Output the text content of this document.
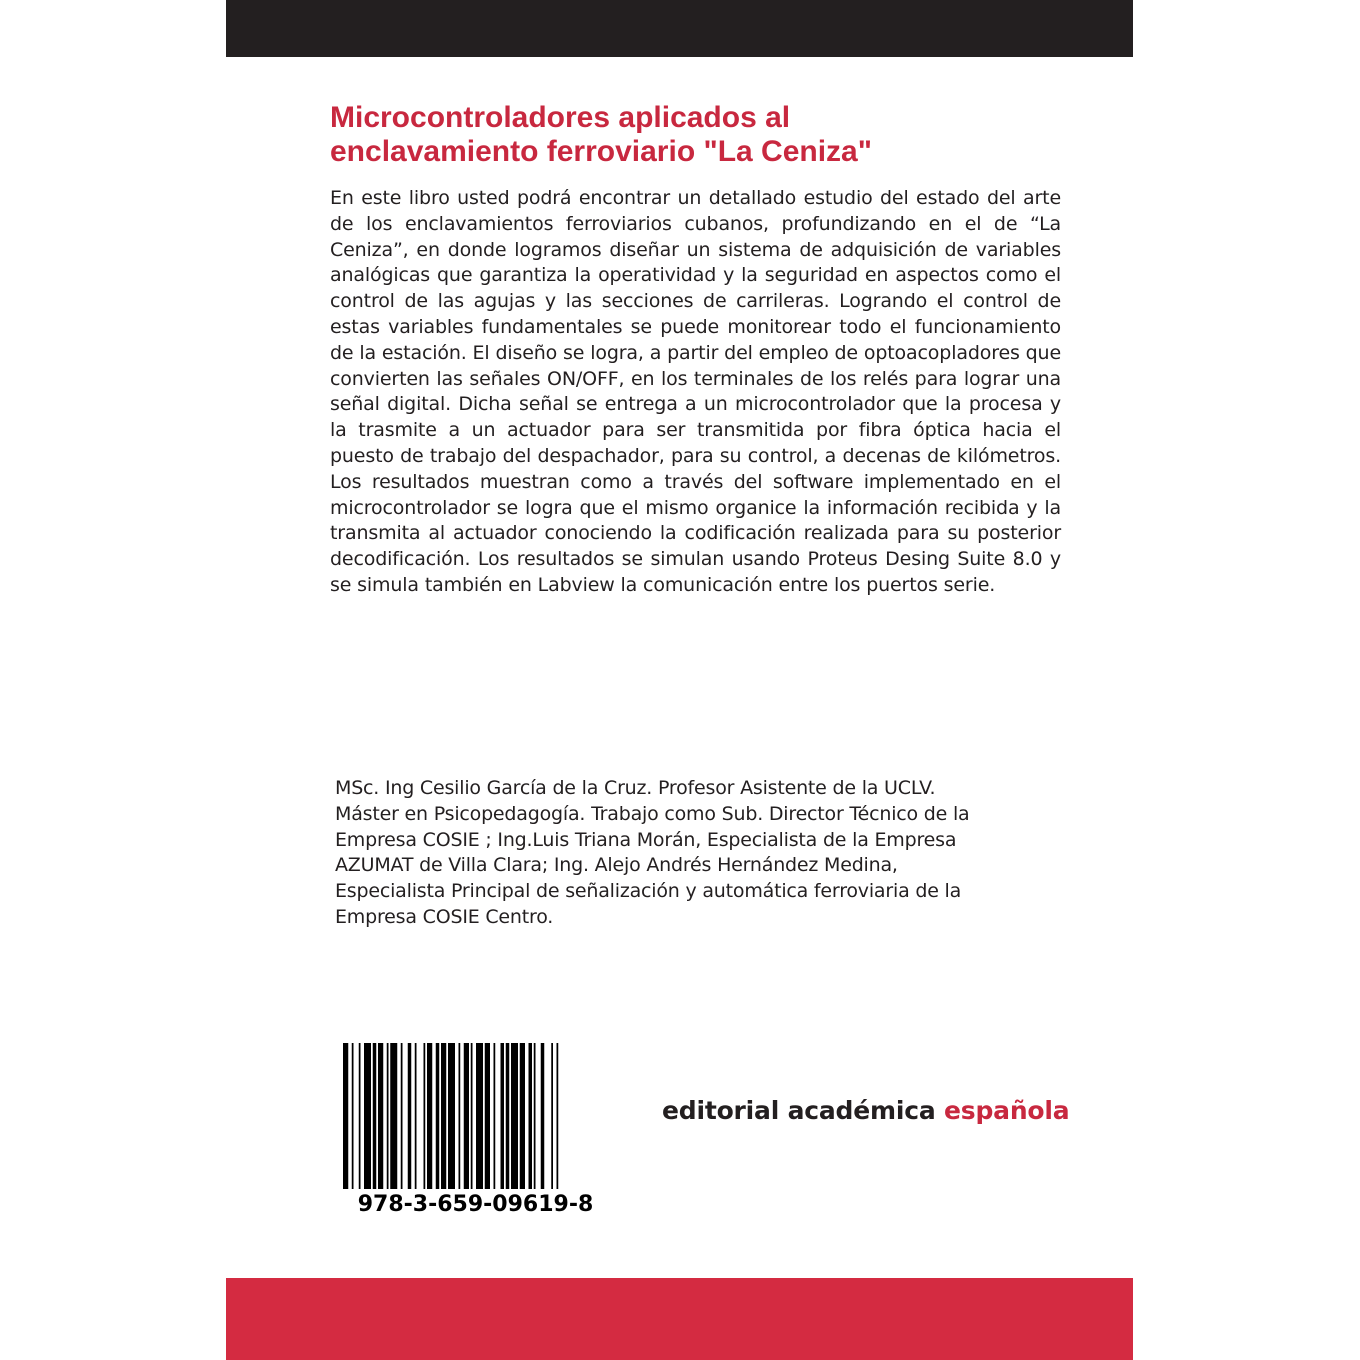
Microcontroladores aplicados al
enclavamiento ferroviario "La Ceniza"

En este libro usted podrá encontrar un detallado estudio del estado del arte de los enclavamientos ferroviarios cubanos, profundizando en el de “La Ceniza”, en donde logramos diseñar un sistema de adquisición de variables analógicas que garantiza la operatividad y la seguridad en aspectos como el control de las agujas y las secciones de carrileras. Lograndо el control de estas variables fundamentales se puede monitorear todo el funcionamiento de la estación. El diseño se logra, a partir del empleo de optoacopladores que convierten las señales ON/OFF, en los terminales de los relés para lograr una señal digital. Dicha señal se entrega a un microcontrolador que la procesa y la trasmite a un actuador para ser transmitida por fibra óptica hacia el puesto de trabajo del despachador, para su control, a decenas de kilómetros. Los resultados muestran como a través del software implementado en el microcontrolador se logra que el mismo organice la información recibida y la transmita al actuador conociendo la codificación realizada para su posterior decodificación. Los resultados se simulan usando Proteus Desing Suite 8.0 y se simula también en Labview la comunicación entre los puertos serie.

MSc. Ing Cesilio García de la Cruz. Profesor Asistente de la UCLV.
Máster en Psicopedagogía. Trabajo como Sub. Director Técnico de la
Empresa COSIE ; Ing.Luis Triana Morán, Especialista de la Empresa
AZUMAT de Villa Clara; Ing. Alejo Andrés Hernández Medina,
Especialista Principal de señalización y automática ferroviaria de la
Empresa COSIE Centro.

978-3-659-09619-8

editorial académica española
